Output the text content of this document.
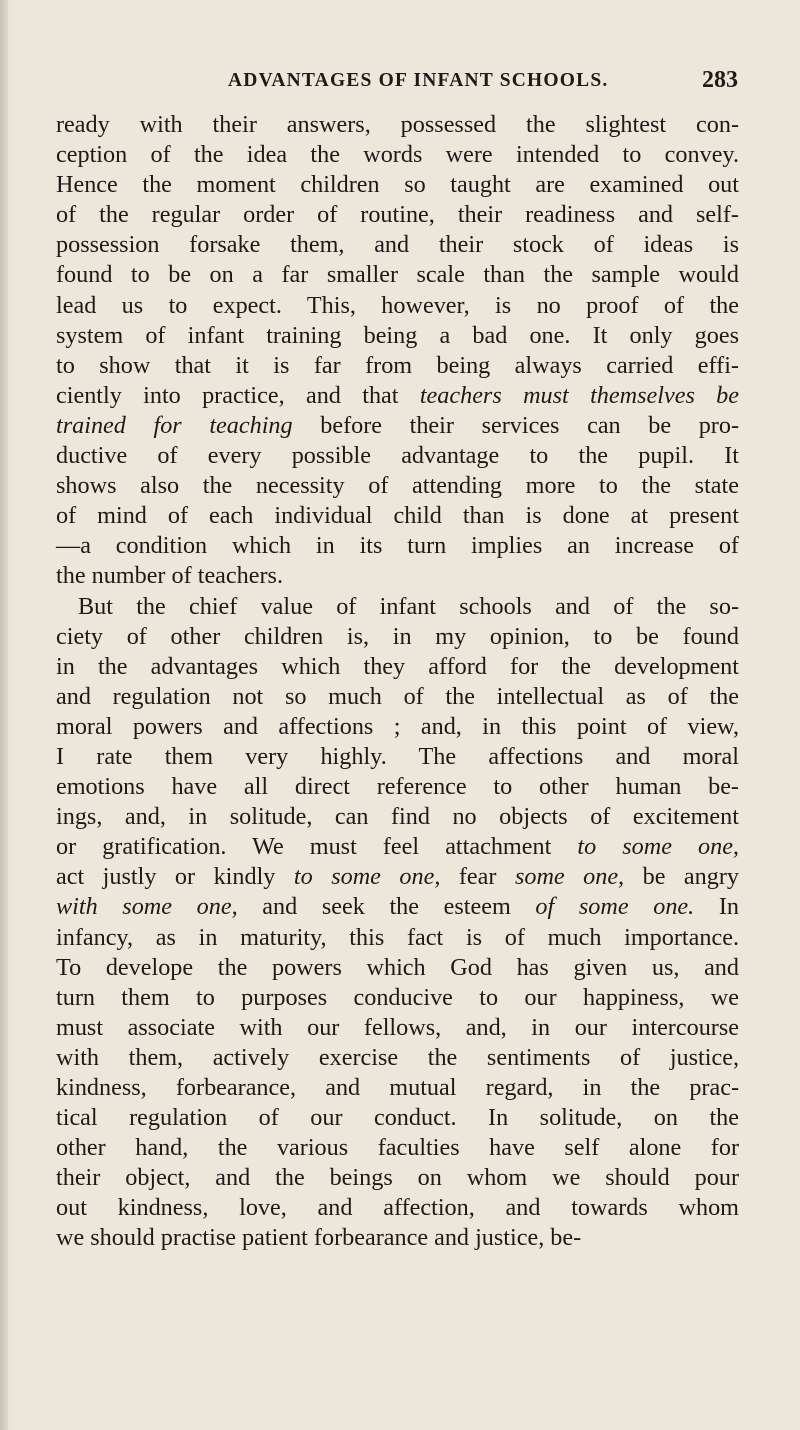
ADVANTAGES OF INFANT SCHOOLS.	283
ready with their answers, possessed the slightest con-
ception of the idea the words were intended to convey.
Hence the moment children so taught are examined out
of the regular order of routine, their readiness and self-
possession forsake them, and their stock of ideas is
found to be on a far smaller scale than the sample would
lead us to expect. This, however, is no proof of the
system of infant training being a bad one. It only goes
to show that it is far from being always carried effi-
ciently into practice, and that teachers must themselves be
trained for teaching before their services can be pro-
ductive of every possible advantage to the pupil. It
shows also the necessity of attending more to the state
of mind of each individual child than is done at present
—a condition which in its turn implies an increase of
the number of teachers.
But the chief value of infant schools and of the so-
ciety of other children is, in my opinion, to be found
in the advantages which they afford for the development
and regulation not so much of the intellectual as of the
moral powers and affections ; and, in this point of view,
I rate them very highly. The affections and moral
emotions have all direct reference to other human be-
ings, and, in solitude, can find no objects of excitement
or gratification. We must feel attachment to some one,
act justly or kindly to some one, fear some one, be angry
with some one, and seek the esteem of some one. In
infancy, as in maturity, this fact is of much importance.
To develope the powers which God has given us, and
turn them to purposes conducive to our happiness, we
must associate with our fellows, and, in our intercourse
with them, actively exercise the sentiments of justice,
kindness, forbearance, and mutual regard, in the prac-
tical regulation of our conduct. In solitude, on the
other hand, the various faculties have self alone for
their object, and the beings on whom we should pour
out kindness, love, and affection, and towards whom
we should practise patient forbearance and justice, be-
